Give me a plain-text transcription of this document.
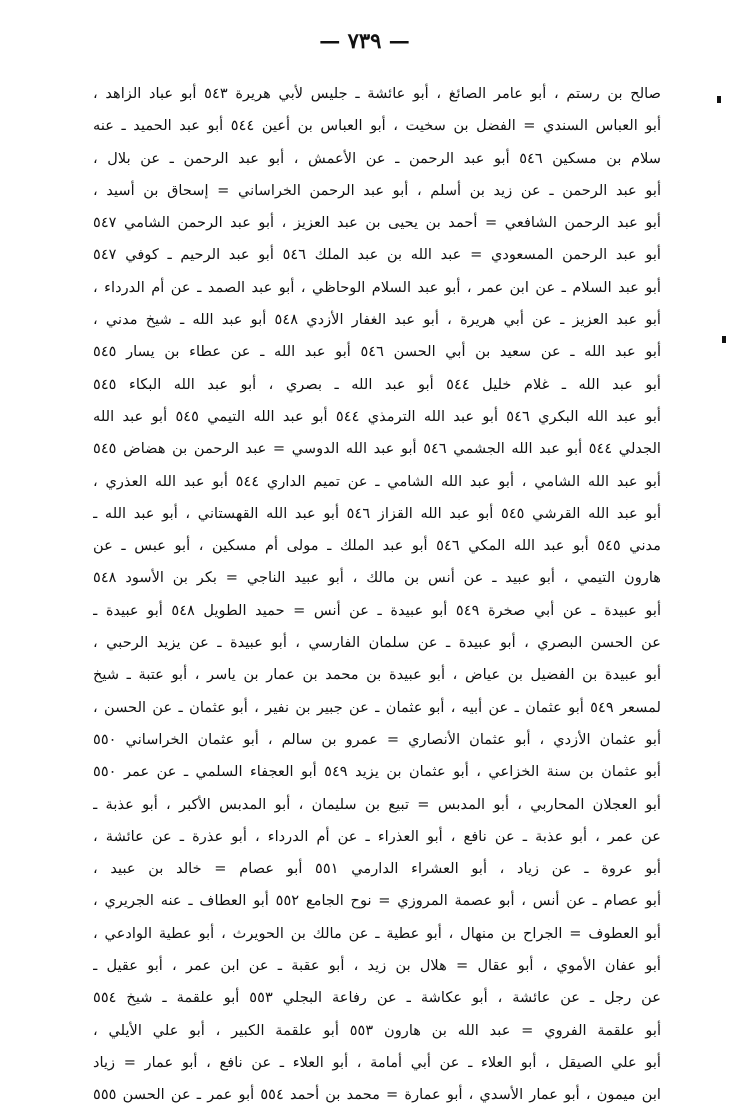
— ٧٣٩ —
صالح بن رستم ، أبو عامر الصائغ ، أبو عائشة ـ جليس لأبي هريرة ٥٤٣ أبو عباد الزاهد ،
أبو العباس السندي = الفضل بن سخيت ، أبو العباس بن أعين ٥٤٤ أبو عبد الحميد ـ عنه
سلام بن مسكين ٥٤٦ أبو عبد الرحمن ـ عن الأعمش ، أبو عبد الرحمن ـ عن بلال ،
أبو عبد الرحمن ـ عن زيد بن أسلم ، أبو عبد الرحمن الخراساني = إسحاق بن أسيد ،
أبو عبد الرحمن الشافعي = أحمد بن يحيى بن عبد العزيز ، أبو عبد الرحمن الشامي ٥٤٧
أبو عبد الرحمن المسعودي = عبد الله بن عبد الملك ٥٤٦ أبو عبد الرحيم ـ كوفي ٥٤٧
أبو عبد السلام ـ عن ابن عمر ، أبو عبد السلام الوحاظي ، أبو عبد الصمد ـ عن أم الدرداء ،
أبو عبد العزيز ـ عن أبي هريرة ، أبو عبد الغفار الأزدي ٥٤٨ أبو عبد الله ـ شيخ مدني ،
أبو عبد الله ـ عن سعيد بن أبي الحسن ٥٤٦ أبو عبد الله ـ عن عطاء بن يسار ٥٤٥
أبو عبد الله ـ غلام خليل ٥٤٤ أبو عبد الله ـ بصري ، أبو عبد الله البكاء ٥٤٥
أبو عبد الله البكري ٥٤٦ أبو عبد الله الترمذي ٥٤٤ أبو عبد الله التيمي ٥٤٥ أبو عبد الله
الجدلي ٥٤٤ أبو عبد الله الجشمي ٥٤٦ أبو عبد الله الدوسي = عبد الرحمن بن هضاض ٥٤٥
أبو عبد الله الشامي ، أبو عبد الله الشامي ـ عن تميم الداري ٥٤٤ أبو عبد الله العذري ،
أبو عبد الله القرشي ٥٤٥ أبو عبد الله القزاز ٥٤٦ أبو عبد الله القهستاني ، أبو عبد الله ـ
مدني ٥٤٥ أبو عبد الله المكي ٥٤٦ أبو عبد الملك ـ مولى أم مسكين ، أبو عبس ـ عن
هارون التيمي ، أبو عبيد ـ عن أنس بن مالك ، أبو عبيد الناجي = بكر بن الأسود ٥٤٨
أبو عبيدة ـ عن أبي صخرة ٥٤٩ أبو عبيدة ـ عن أنس = حميد الطويل ٥٤٨ أبو عبيدة ـ
عن الحسن البصري ، أبو عبيدة ـ عن سلمان الفارسي ، أبو عبيدة ـ عن يزيد الرحبي ،
أبو عبيدة بن الفضيل بن عياض ، أبو عبيدة بن محمد بن عمار بن ياسر ، أبو عتبة ـ شيخ
لمسعر ٥٤٩ أبو عثمان ـ عن أبيه ، أبو عثمان ـ عن جبير بن نفير ، أبو عثمان ـ عن الحسن ،
أبو عثمان الأزدي ، أبو عثمان الأنصاري = عمرو بن سالم ، أبو عثمان الخراساني ٥٥٠
أبو عثمان بن سنة الخزاعي ، أبو عثمان بن يزيد ٥٤٩ أبو العجفاء السلمي ـ عن عمر ٥٥٠
أبو العجلان المحاربي ، أبو المدبس = تبيع بن سليمان ، أبو المدبس الأكبر ، أبو عذبة ـ
عن عمر ، أبو عذبة ـ عن نافع ، أبو العذراء ـ عن أم الدرداء ، أبو عذرة ـ عن عائشة ،
أبو عروة ـ عن زياد ، أبو العشراء الدارمي ٥٥١ أبو عصام = خالد بن عبيد ،
أبو عصام ـ عن أنس ، أبو عصمة المروزي = نوح الجامع ٥٥٢ أبو العطاف ـ عنه الجريري ،
أبو العطوف = الجراح بن منهال ، أبو عطية ـ عن مالك بن الحويرث ، أبو عطية الوادعي ،
أبو عفان الأموي ، أبو عقال = هلال بن زيد ، أبو عقبة ـ عن ابن عمر ، أبو عقيل ـ
عن رجل ـ عن عائشة ، أبو عكاشة ـ عن رفاعة البجلي ٥٥٣ أبو علقمة ـ شيخ ٥٥٤
أبو علقمة الفروي = عبد الله بن هارون ٥٥٣ أبو علقمة الكبير ، أبو علي الأيلي ،
أبو علي الصيقل ، أبو العلاء ـ عن أبي أمامة ، أبو العلاء ـ عن نافع ، أبو عمار = زياد
ابن ميمون ، أبو عمار الأسدي ، أبو عمارة = محمد بن أحمد ٥٥٤ أبو عمر ـ عن الحسن ٥٥٥
